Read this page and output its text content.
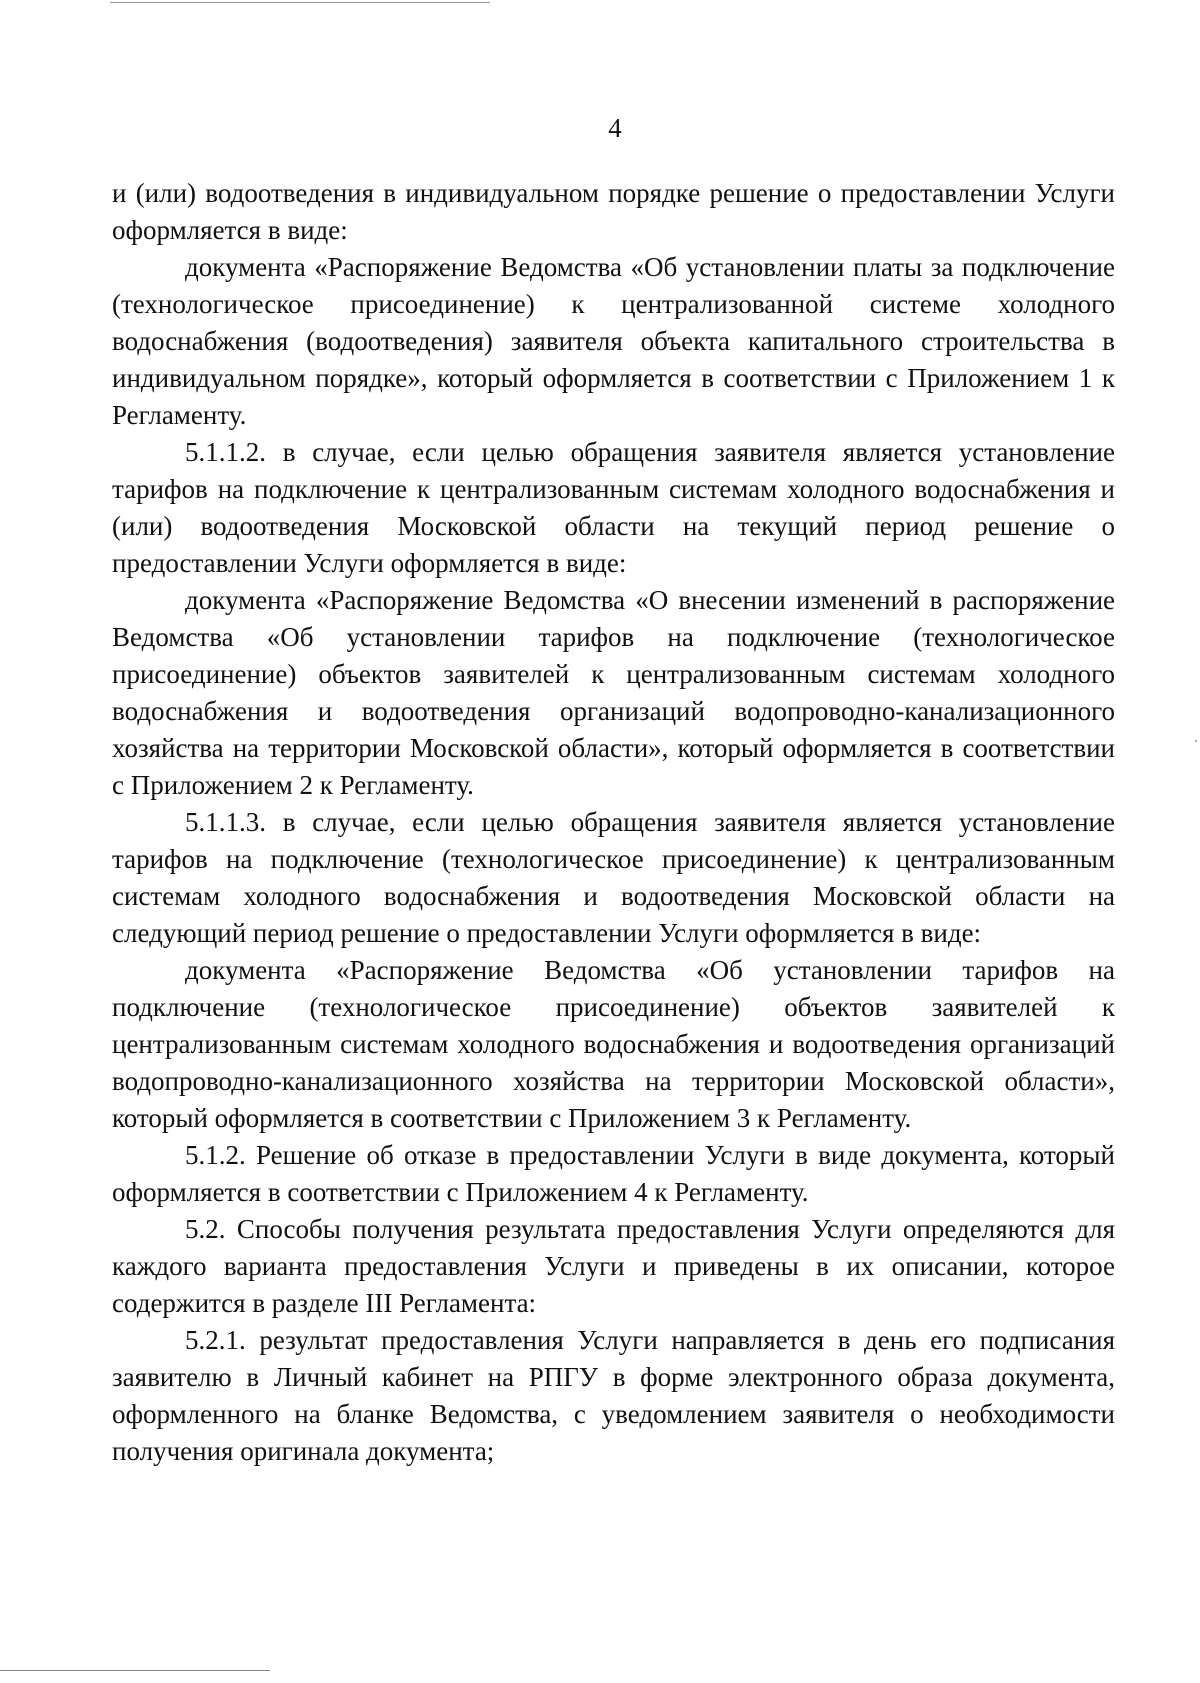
4

и (или) водоотведения в индивидуальном порядке решение о предоставлении Услуги оформляется в виде:

документа «Распоряжение Ведомства «Об установлении платы за подключение (технологическое присоединение) к централизованной системе холодного водоснабжения (водоотведения) заявителя объекта капитального строительства в индивидуальном порядке», который оформляется в соответствии с Приложением 1 к Регламенту.

5.1.1.2. в случае, если целью обращения заявителя является установление тарифов на подключение к централизованным системам холодного водоснабжения и (или) водоотведения Московской области на текущий период решение о предоставлении Услуги оформляется в виде:

документа «Распоряжение Ведомства «О внесении изменений в распоряжение Ведомства «Об установлении тарифов на подключение (технологическое присоединение) объектов заявителей к централизованным системам холодного водоснабжения и водоотведения организаций водопроводно-канализационного хозяйства на территории Московской области», который оформляется в соответствии с Приложением 2 к Регламенту.

5.1.1.3. в случае, если целью обращения заявителя является установление тарифов на подключение (технологическое присоединение) к централизованным системам холодного водоснабжения и водоотведения Московской области на следующий период решение о предоставлении Услуги оформляется в виде:

документа «Распоряжение Ведомства «Об установлении тарифов на подключение (технологическое присоединение) объектов заявителей к централизованным системам холодного водоснабжения и водоотведения организаций водопроводно-канализационного хозяйства на территории Московской области», который оформляется в соответствии с Приложением 3 к Регламенту.

5.1.2. Решение об отказе в предоставлении Услуги в виде документа, который оформляется в соответствии с Приложением 4 к Регламенту.

5.2. Способы получения результата предоставления Услуги определяются для каждого варианта предоставления Услуги и приведены в их описании, которое содержится в разделе III Регламента:

5.2.1. результат предоставления Услуги направляется в день его подписания заявителю в Личный кабинет на РПГУ в форме электронного образа документа, оформленного на бланке Ведомства, с уведомлением заявителя о необходимости получения оригинала документа;
